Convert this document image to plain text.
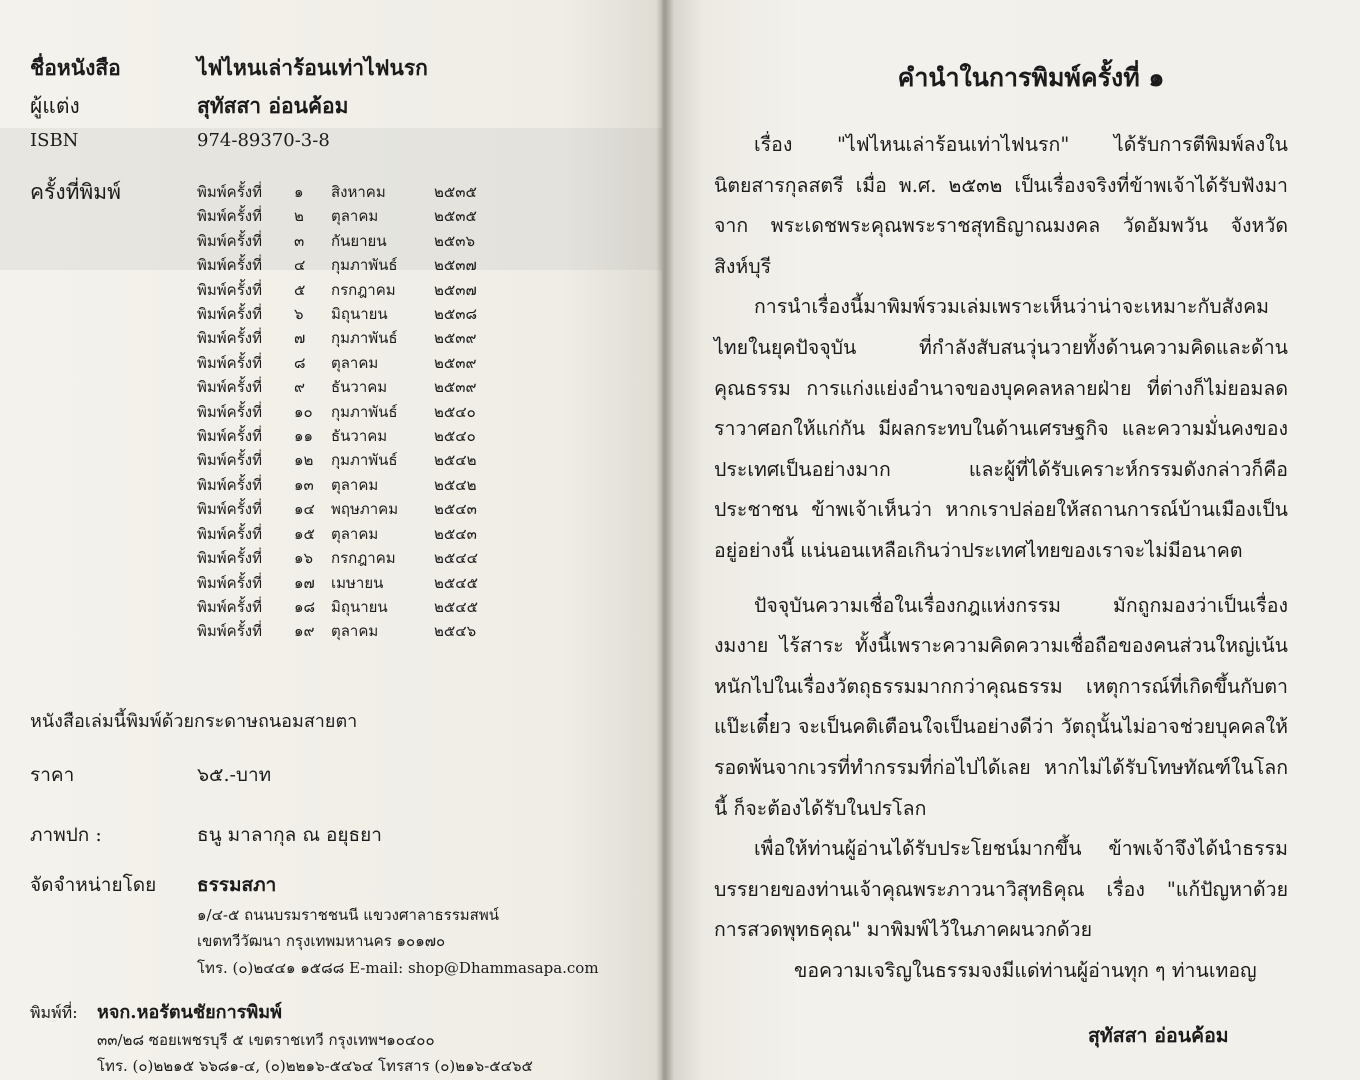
ชื่อหนังสือ	ไฟไหนเล่าร้อนเท่าไฟนรก
ผู้แต่ง	สุทัสสา อ่อนค้อม
ISBN	974-89370-3-8
ครั้งที่พิมพ์	พิมพ์ครั้งที่	๑	สิงหาคม	๒๕๓๕
พิมพ์ครั้งที่	๒	ตุลาคม	๒๕๓๕
พิมพ์ครั้งที่	๓	กันยายน	๒๕๓๖
พิมพ์ครั้งที่	๔	กุมภาพันธ์	๒๕๓๗
พิมพ์ครั้งที่	๕	กรกฎาคม	๒๕๓๗
พิมพ์ครั้งที่	๖	มิถุนายน	๒๕๓๘
พิมพ์ครั้งที่	๗	กุมภาพันธ์	๒๕๓๙
พิมพ์ครั้งที่	๘	ตุลาคม	๒๕๓๙
พิมพ์ครั้งที่	๙	ธันวาคม	๒๕๓๙
พิมพ์ครั้งที่	๑๐	กุมภาพันธ์	๒๕๔๐
พิมพ์ครั้งที่	๑๑	ธันวาคม	๒๕๔๐
พิมพ์ครั้งที่	๑๒	กุมภาพันธ์	๒๕๔๒
พิมพ์ครั้งที่	๑๓	ตุลาคม	๒๕๔๒
พิมพ์ครั้งที่	๑๔	พฤษภาคม	๒๕๔๓
พิมพ์ครั้งที่	๑๕	ตุลาคม	๒๕๔๓
พิมพ์ครั้งที่	๑๖	กรกฎาคม	๒๕๔๔
พิมพ์ครั้งที่	๑๗	เมษายน	๒๕๔๕
พิมพ์ครั้งที่	๑๘	มิถุนายน	๒๕๔๕
พิมพ์ครั้งที่	๑๙	ตุลาคม	๒๕๔๖
หนังสือเล่มนี้พิมพ์ด้วยกระดาษถนอมสายตา
ราคา	๖๕.-บาท
ภาพปก :	ธนู มาลากุล ณ อยุธยา
จัดจำหน่ายโดย	ธรรมสภา
๑/๔-๕ ถนนบรมราชชนนี แขวงศาลาธรรมสพน์
เขตทวีวัฒนา กรุงเทพมหานคร ๑๐๑๗๐
โทร. (๐)๒๔๔๑ ๑๕๘๘ E-mail: shop@Dhammasapa.com
พิมพ์ที่:	หจก.หอรัตนชัยการพิมพ์
๓๓/๒๘ ซอยเพชรบุรี ๕ เขตราชเทวี กรุงเทพฯ๑๐๔๐๐
โทร. (๐)๒๒๑๕ ๖๖๘๑-๔, (๐)๒๒๑๖-๕๔๖๔ โทรสาร (๐)๒๑๖-๕๔๖๕
คำนำในการพิมพ์ครั้งที่ ๑

เรื่อง "ไฟไหนเล่าร้อนเท่าไฟนรก" ได้รับการตีพิมพ์ลงใน นิตยสารกุลสตรี เมื่อ พ.ศ. ๒๕๓๒ เป็นเรื่องจริงที่ข้าพเจ้าได้รับฟังมาจาก พระเดชพระคุณพระราชสุทธิญาณมงคล วัดอัมพวัน จังหวัดสิงห์บุรี

การนำเรื่องนี้มาพิมพ์รวมเล่มเพราะเห็นว่าน่าจะเหมาะกับสังคมไทยในยุคปัจจุบัน ที่กำลังสับสนวุ่นวายทั้งด้านความคิดและด้านคุณธรรม การแก่งแย่งอำนาจของบุคคลหลายฝ่าย ที่ต่างก็ไม่ยอมลดราวาศอกให้แก่กัน มีผลกระทบในด้านเศรษฐกิจ และความมั่นคงของประเทศเป็นอย่างมาก และผู้ที่ได้รับเคราะห์กรรมดังกล่าวก็คือ ประชาชน ข้าพเจ้าเห็นว่า หากเราปล่อยให้สถานการณ์บ้านเมืองเป็นอยู่อย่างนี้ แน่นอนเหลือเกินว่าประเทศไทยของเราจะไม่มีอนาคต

ปัจจุบันความเชื่อในเรื่องกฎแห่งกรรม มักถูกมองว่าเป็นเรื่องงมงาย ไร้สาระ ทั้งนี้เพราะความคิดความเชื่อถือของคนส่วนใหญ่เน้นหนักไปในเรื่องวัตถุธรรมมากกว่าคุณธรรม เหตุการณ์ที่เกิดขึ้นกับตาแป๊ะเตี๋ยว จะเป็นคติเตือนใจเป็นอย่างดีว่า วัตถุนั้นไม่อาจช่วยบุคคลให้รอดพ้นจากเวรที่ทำกรรมที่ก่อไปได้เลย หากไม่ได้รับโทษทัณฑ์ในโลกนี้ ก็จะต้องได้รับในปรโลก

เพื่อให้ท่านผู้อ่านได้รับประโยชน์มากขึ้น ข้าพเจ้าจึงได้นำธรรมบรรยายของท่านเจ้าคุณพระภาวนาวิสุทธิคุณ เรื่อง "แก้ปัญหาด้วยการสวดพุทธคุณ" มาพิมพ์ไว้ในภาคผนวกด้วย

ขอความเจริญในธรรมจงมีแด่ท่านผู้อ่านทุก ๆ ท่านเทอญ

สุทัสสา อ่อนค้อม
